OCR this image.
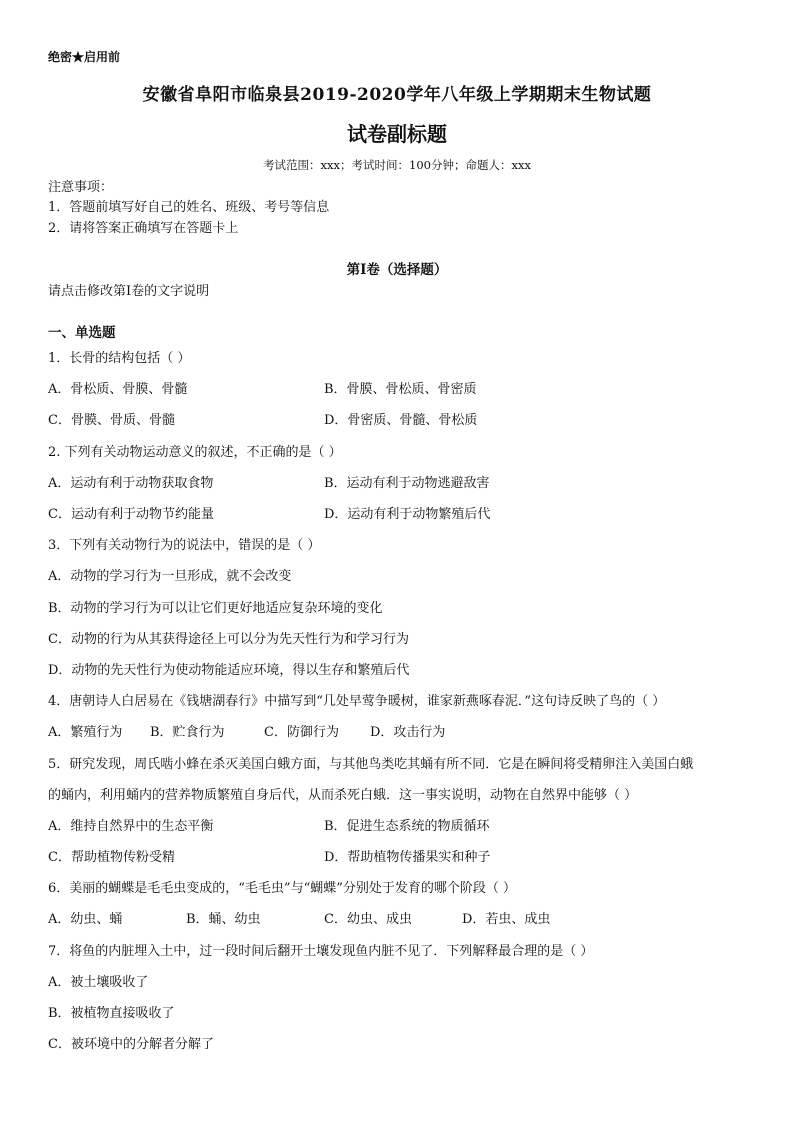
绝密★启用前
安徽省阜阳市临泉县2019-2020学年八年级上学期期末生物试题
试卷副标题
考试范围：xxx；考试时间：100分钟；命题人：xxx
注意事项：
1．答题前填写好自己的姓名、班级、考号等信息
2．请将答案正确填写在答题卡上
第I卷（选择题）
请点击修改第I卷的文字说明
一、单选题
1．长骨的结构包括（ ）
A．骨松质、骨膜、骨髓	B．骨膜、骨松质、骨密质
C．骨膜、骨质、骨髓	D．骨密质、骨髓、骨松质
2. 下列有关动物运动意义的叙述，不正确的是（ ）
A．运动有利于动物获取食物	B．运动有利于动物逃避敌害
C．运动有利于动物节约能量	D．运动有利于动物繁殖后代
3．下列有关动物行为的说法中，错误的是（ ）
A．动物的学习行为一旦形成，就不会改变
B．动物的学习行为可以让它们更好地适应复杂环境的变化
C．动物的行为从其获得途径上可以分为先天性行为和学习行为
D．动物的先天性行为使动物能适应环境，得以生存和繁殖后代
4．唐朝诗人白居易在《钱塘湖春行》中描写到“几处早莺争暖树，谁家新燕啄春泥．”这句诗反映了鸟的（ ）
A．繁殖行为 B．贮食行为	C．防御行为 D．攻击行为
5．研究发现，周氏啮小蜂在杀灭美国白蛾方面，与其他鸟类吃其蛹有所不同．它是在瞬间将受精卵注入美国白蛾
的蛹内，利用蛹内的营养物质繁殖自身后代，从而杀死白蛾．这一事实说明，动物在自然界中能够（ ）
A．维持自然界中的生态平衡	B．促进生态系统的物质循环
C．帮助植物传粉受精	D．帮助植物传播果实和种子
6．美丽的蝴蝶是毛毛虫变成的，“毛毛虫”与“蝴蝶”分别处于发育的哪个阶段（ ）
A．幼虫、蛹	B．蛹、幼虫	C．幼虫、成虫	D．若虫、成虫
7．将鱼的内脏埋入土中，过一段时间后翻开土壤发现鱼内脏不见了．下列解释最合理的是（ ）
A．被土壤吸收了
B．被植物直接吸收了
C．被环境中的分解者分解了
